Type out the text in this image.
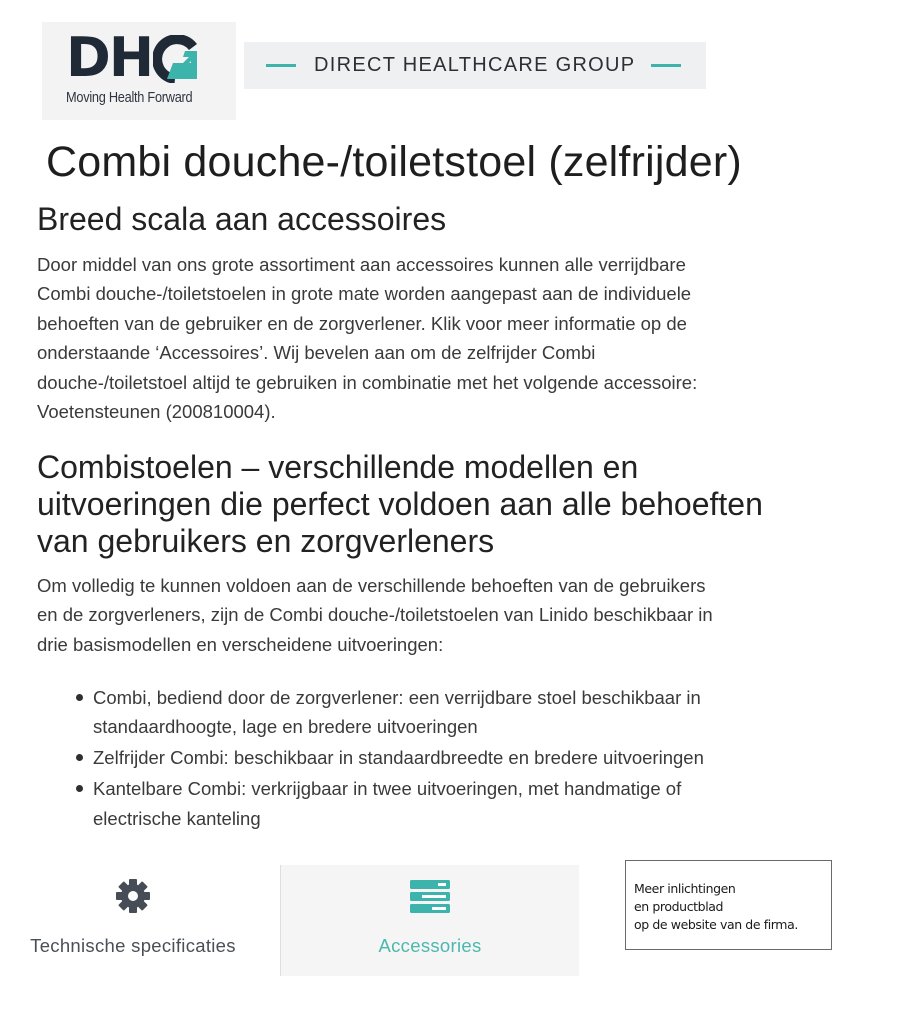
DH
Moving Health Forward
DIRECT HEALTHCARE GROUP
Combi douche-/toiletstoel (zelfrijder)
Breed scala aan accessoires
Door middel van ons grote assortiment aan accessoires kunnen alle verrijdbare
Combi douche-/toiletstoelen in grote mate worden aangepast aan de individuele
behoeften van de gebruiker en de zorgverlener. Klik voor meer informatie op de
onderstaande ‘Accessoires’. Wij bevelen aan om de zelfrijder Combi
douche-/toiletstoel altijd te gebruiken in combinatie met het volgende accessoire:
Voetensteunen (200810004).
Combistoelen – verschillende modellen en uitvoeringen die perfect voldoen aan alle behoeften van gebruikers en zorgverleners
Om volledig te kunnen voldoen aan de verschillende behoeften van de gebruikers
en de zorgverleners, zijn de Combi douche-/toiletstoelen van Linido beschikbaar in
drie basismodellen en verscheidene uitvoeringen:
Combi, bediend door de zorgverlener: een verrijdbare stoel beschikbaar in
standaardhoogte, lage en bredere uitvoeringen
Zelfrijder Combi: beschikbaar in standaardbreedte en bredere uitvoeringen
Kantelbare Combi: verkrijgbaar in twee uitvoeringen, met handmatige of
electrische kanteling
Technische specificaties	Accessories
Meer inlichtingen
en productblad
op de website van de firma.
